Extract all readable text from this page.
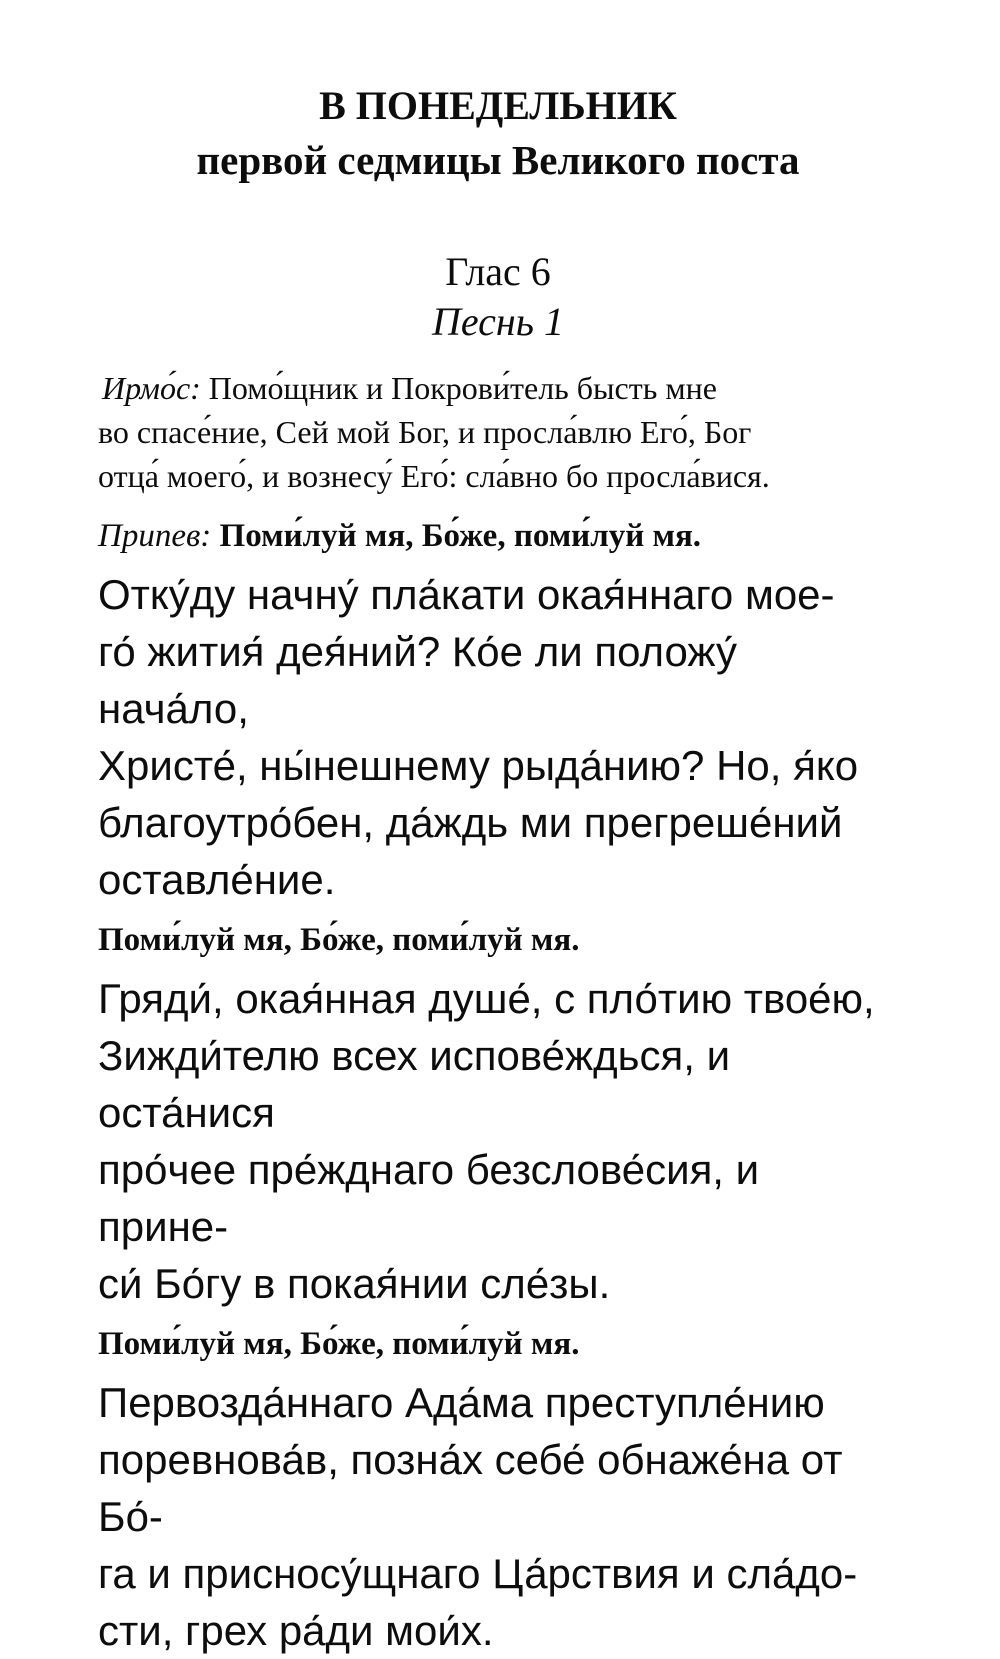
В ПОНЕДЕЛЬНИК
первой седмицы Великого поста
Глас 6
Песнь 1

Ирмо́с: Помо́щник и Покрови́тель бысть мне

во спасе́ние, Сей мой Бог, и просла́влю Его́, Бог

отца́ моего́, и вознесу́ Его́: сла́вно бо просла́вися.

Припев: Поми́луй мя, Бо́же, поми́луй мя.
Отку́ду начну́ пла́кати окая́ннаго мое-
го́ жития́ дея́ний? Ко́е ли положу́ нача́ло,
Христе́, ны́нешнему рыда́нию? Но, я́ко
благоутро́бен, да́ждь ми прегреше́ний
оставле́ние.
Поми́луй мя, Бо́же, поми́луй мя.
Гряди́, окая́нная душе́, с пло́тию твое́ю,
Зижди́телю всех испове́ждься, и оста́нися
про́чее пре́жднаго безслове́сия, и прине-
си́ Бо́гу в покая́нии сле́зы.
Поми́луй мя, Бо́же, поми́луй мя.
Первозда́ннаго Ада́ма преступле́нию
поревнова́в, позна́х себе́ обнаже́на от Бо́-
га и присносу́щнаго Ца́рствия и сла́до-
сти, грех ра́ди мои́х.
